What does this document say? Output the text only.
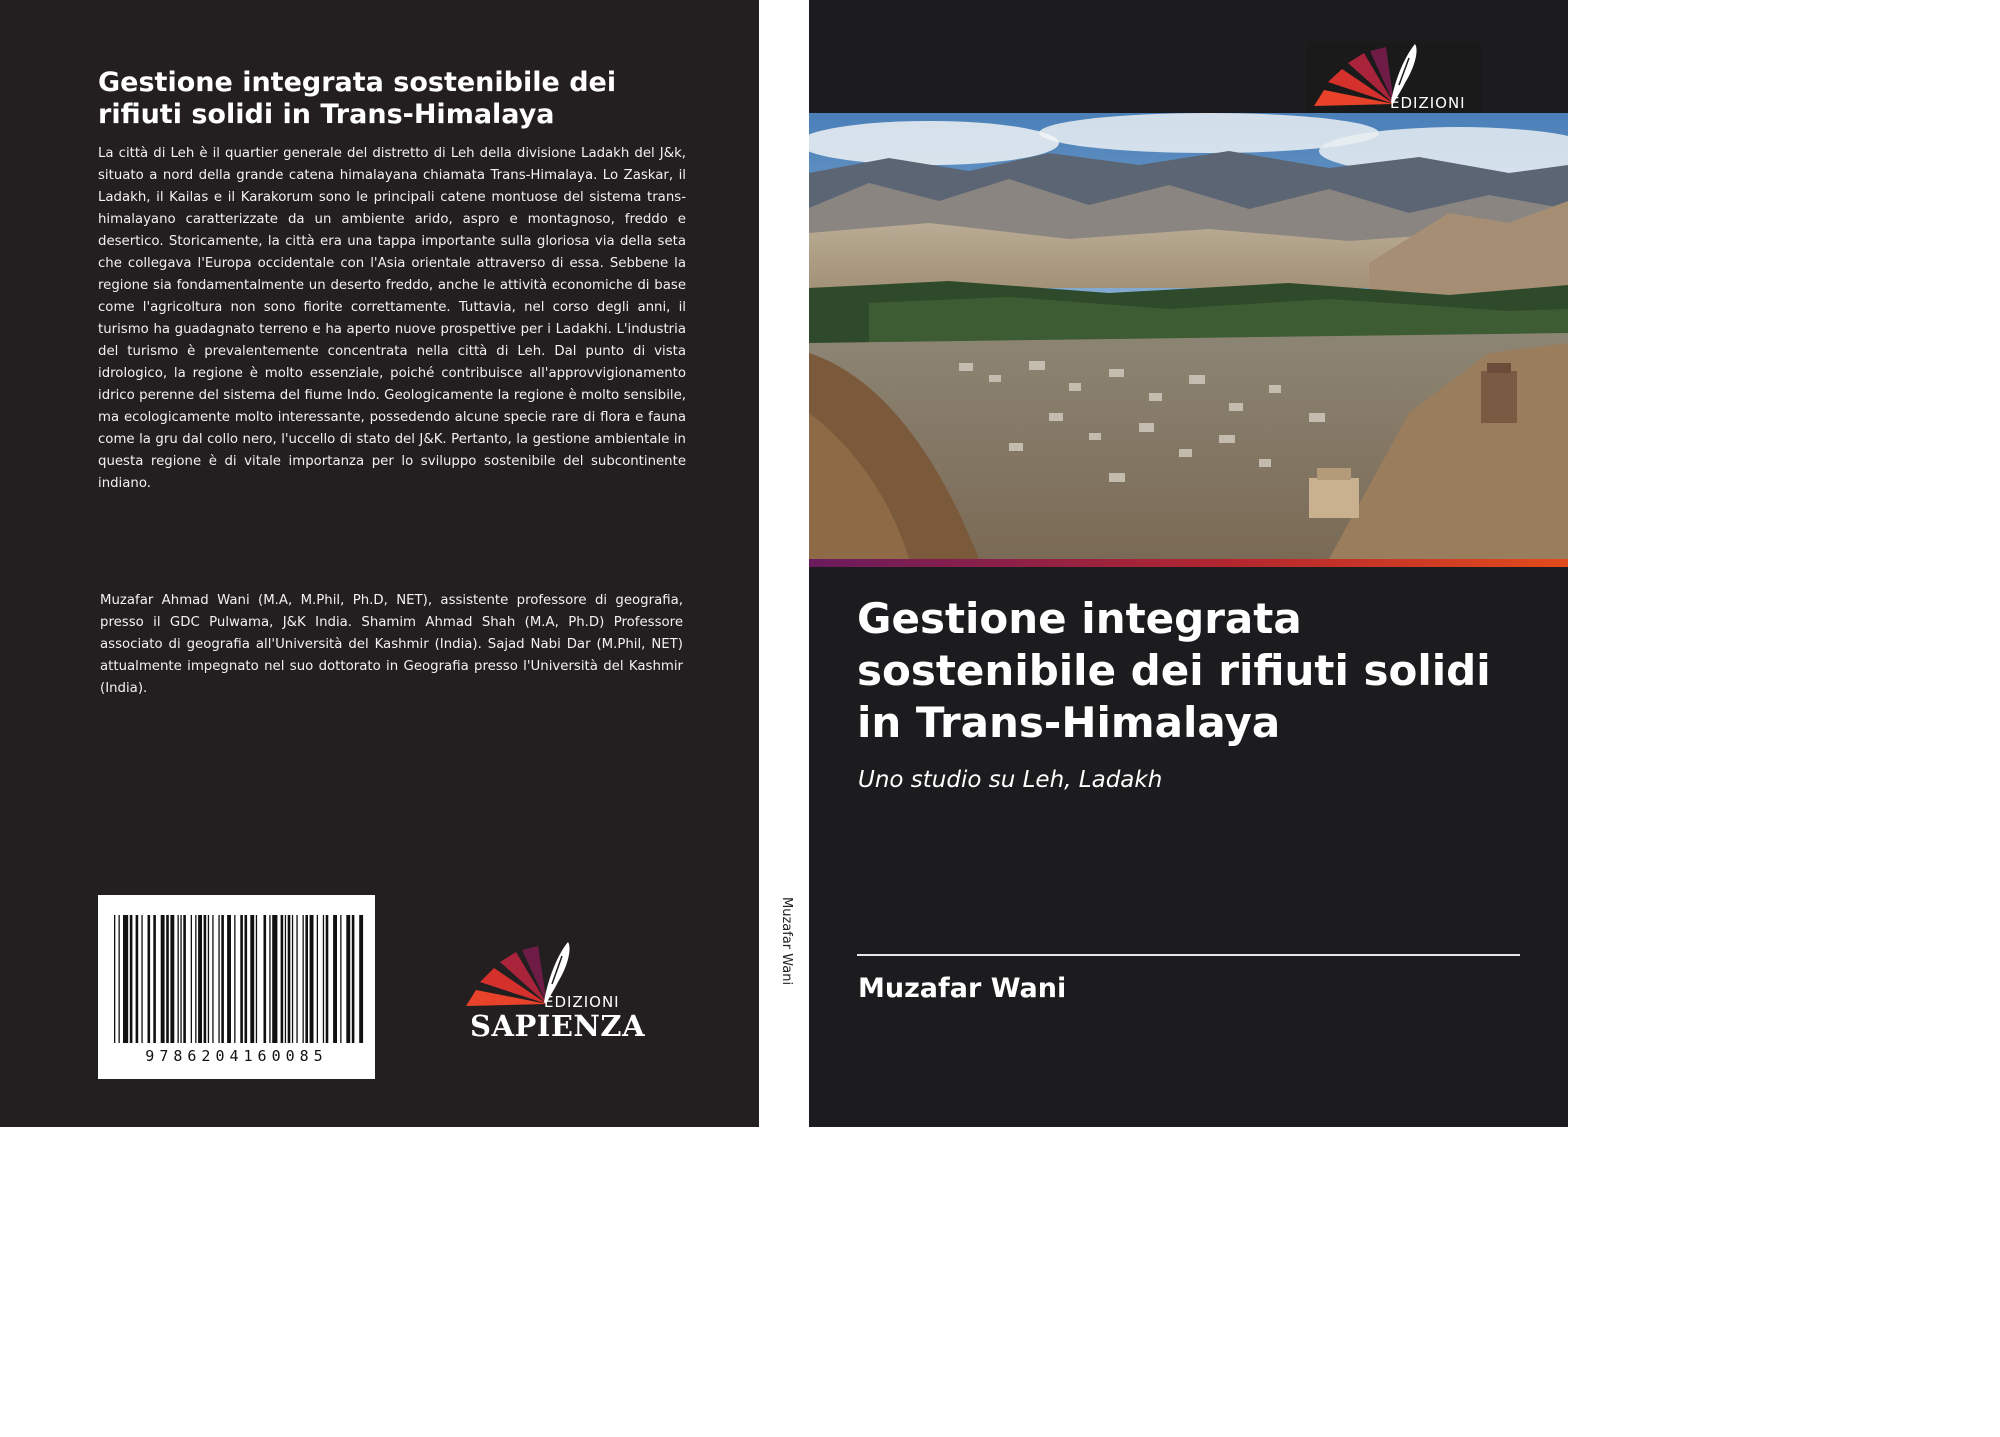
Gestione integrata sostenibile dei rifiuti solidi in Trans-Himalaya

La città di Leh è il quartier generale del distretto di Leh della divisione Ladakh del J&k, situato a nord della grande catena himalayana chiamata Trans-Himalaya. Lo Zaskar, il Ladakh, il Kailas e il Karakorum sono le principali catene montuose del sistema trans-himalayano caratterizzate da un ambiente arido, aspro e montagnoso, freddo e desertico. Storicamente, la città era una tappa importante sulla gloriosa via della seta che collegava l'Europa occidentale con l'Asia orientale attraverso di essa. Sebbene la regione sia fondamentalmente un deserto freddo, anche le attività economiche di base come l'agricoltura non sono fiorite correttamente. Tuttavia, nel corso degli anni, il turismo ha guadagnato terreno e ha aperto nuove prospettive per i Ladakhi. L'industria del turismo è prevalentemente concentrata nella città di Leh. Dal punto di vista idrologico, la regione è molto essenziale, poiché contribuisce all'approvvigionamento idrico perenne del sistema del fiume Indo. Geologicamente la regione è molto sensibile, ma ecologicamente molto interessante, possedendo alcune specie rare di flora e fauna come la gru dal collo nero, l'uccello di stato del J&K. Pertanto, la gestione ambientale in questa regione è di vitale importanza per lo sviluppo sostenibile del subcontinente indiano.

Muzafar Ahmad Wani (M.A, M.Phil, Ph.D, NET), assistente professore di geografia, presso il GDC Pulwama, J&K India. Shamim Ahmad Shah (M.A, Ph.D) Professore associato di geografia all'Università del Kashmir (India). Sajad Nabi Dar (M.Phil, NET) attualmente impegnato nel suo dottorato in Geografia presso l'Università del Kashmir (India).

9786204160085
EDIZIONI
SAPIENZA
Muzafar Wani
EDIZIONI
Gestione integrata sostenibile dei rifiuti solidi in Trans-Himalaya

Uno studio su Leh, Ladakh

Muzafar Wani
